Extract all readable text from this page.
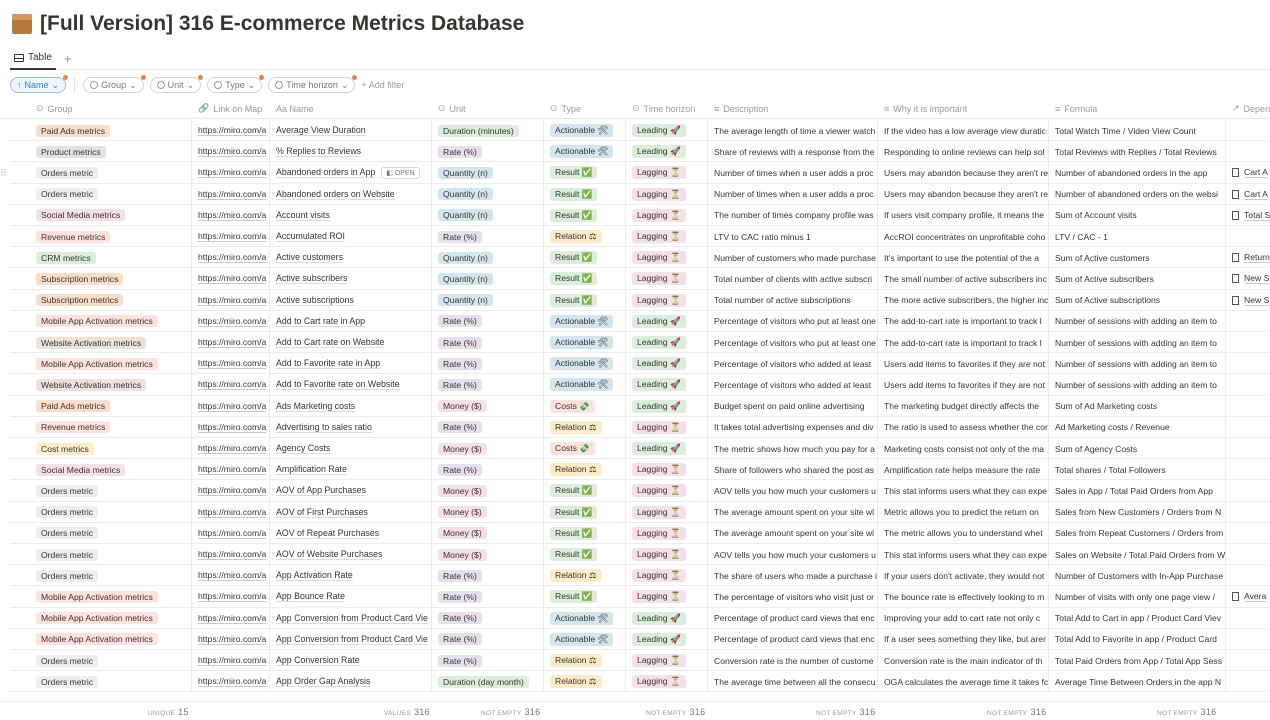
[Full Version] 316 E-commerce Metrics Database
Table +
↑ Name ⌄	Group ⌄	Unit ⌄	Type ⌄	Time horizon ⌄	+ Add filter
⊙ Group	🔗 Link on Map Aa Name	⊙ Unit	⊙ Type	⊙ Time horizon ≡ Description	≡ Why it is important	≡ Formula	↗ Depen
⠿
Paid Ads metrics	https://miro.com/a Average View Duration	Duration (minutes)	Actionable 🛠	Leading 🚀	The average length of time a viewer watch If the video has a low average view duratic Total Watch Time / Video View Count
Product metrics	https://miro.com/a % Replies to Reviews	Rate (%)	Actionable 🛠	Leading 🚀	Share of reviews with a response from the Responding to online reviews can help sol Total Reviews with Replies / Total Reviews
Orders metric	https://miro.com/a Abandoned orders in App	◧ OPEN	Quantity (n)	Result ✅	Lagging ⏳	Number of times when a user adds a proc Users may abandon because they aren't re Number of abandoned orders in the app	Cart A
Orders metric	https://miro.com/a Abandoned orders on Website	Quantity (n)	Result ✅	Lagging ⏳	Number of times when a user adds a proc Users may abandon because they aren't re Number of abandoned orders on the websi	Cart A
Social Media metrics	https://miro.com/a Account visits	Quantity (n)	Result ✅	Lagging ⏳	The number of times company profile was If users visit company profile, it means the Sum of Account visits	Total S
Revenue metrics	https://miro.com/a Accumulated ROI	Rate (%)	Relation ⚖	Lagging ⏳	LTV to CAC ratio minus 1	AccROI concentrates on unprofitable coho LTV / CAC - 1
CRM metrics	https://miro.com/a Active customers	Quantity (n)	Result ✅	Lagging ⏳	Number of customers who made purchase It's important to use the potential of the a Sum of Active customers	Return
Subscription metrics	https://miro.com/a Active subscribers	Quantity (n)	Result ✅	Lagging ⏳	Total number of clients with active subscri The small number of active subscribers inc Sum of Active subscribers	New S
Subscription metrics	https://miro.com/a Active subscriptions	Quantity (n)	Result ✅	Lagging ⏳	Total number of active subscriptions	The more active subscribers, the higher inc Sum of Active subscriptions	New S
Mobile App Activation metrics	https://miro.com/a Add to Cart rate in App	Rate (%)	Actionable 🛠	Leading 🚀	Percentage of visitors who put at least one The add-to-cart rate is important to track l Number of sessions with adding an item to
Website Activation metrics	https://miro.com/a Add to Cart rate on Website	Rate (%)	Actionable 🛠	Leading 🚀	Percentage of visitors who put at least one The add-to-cart rate is important to track l Number of sessions with adding an item to
Mobile App Activation metrics	https://miro.com/a Add to Favorite rate in App	Rate (%)	Actionable 🛠	Leading 🚀	Percentage of visitors who added at least Users add items to favorites if they are not Number of sessions with adding an item to
Website Activation metrics	https://miro.com/a Add to Favorite rate on Website	Rate (%)	Actionable 🛠	Leading 🚀	Percentage of visitors who added at least Users add items to favorites if they are not Number of sessions with adding an item to
Paid Ads metrics	https://miro.com/a Ads Marketing costs	Money ($)	Costs 💸	Leading 🚀	Budget spent on paid online advertising The marketing budget directly affects the Sum of Ad Marketing costs
Revenue metrics	https://miro.com/a Advertising to sales ratio	Rate (%)	Relation ⚖	Lagging ⏳	It takes total advertising expenses and div The ratio is used to assess whether the cor Ad Marketing costs / Revenue
Cost metrics	https://miro.com/a Agency Costs	Money ($)	Costs 💸	Leading 🚀	The metric shows how much you pay for a Marketing costs consist not only of the ma Sum of Agency Costs
Social Media metrics	https://miro.com/a Amplification Rate	Rate (%)	Relation ⚖	Lagging ⏳	Share of followers who shared the post as Amplification rate helps measure the rate Total shares / Total Followers
Orders metric	https://miro.com/a AOV of App Purchases	Money ($)	Result ✅	Lagging ⏳	AOV tells you how much your customers u This stat informs users what they can expe Sales in App / Total Paid Orders from App
Orders metric	https://miro.com/a AOV of First Purchases	Money ($)	Result ✅	Lagging ⏳	The average amount spent on your site wl Metric allows you to predict the return on Sales from New Customers / Orders from N
Orders metric	https://miro.com/a AOV of Repeat Purchases	Money ($)	Result ✅	Lagging ⏳	The average amount spent on your site wl The metric allows you to understand whet Sales from Repeat Customers / Orders from
Orders metric	https://miro.com/a AOV of Website Purchases	Money ($)	Result ✅	Lagging ⏳	AOV tells you how much your customers u This stat informs users what they can expe Sales on Website / Total Paid Orders from W
Orders metric	https://miro.com/a App Activation Rate	Rate (%)	Relation ⚖	Lagging ⏳	The share of users who made a purchase i If your users don't activate, they would not Number of Customers with In-App Purchase
Mobile App Activation metrics	https://miro.com/a App Bounce Rate	Rate (%)	Result ✅	Lagging ⏳	The percentage of visitors who visit just or The bounce rate is effectively looking to m Number of visits with only one page view /	Avera
Mobile App Activation metrics	https://miro.com/a App Conversion from Product Card Vie	Rate (%)	Actionable 🛠	Leading 🚀	Percentage of product card views that enc Improving your add to cart rate not only c Total Add to Cart in app / Product Card Viev
Mobile App Activation metrics	https://miro.com/a App Conversion from Product Card Vie	Rate (%)	Actionable 🛠	Leading 🚀	Percentage of product card views that enc If a user sees something they like, but arer Total Add to Favorite in app / Product Card
Orders metric	https://miro.com/a App Conversion Rate	Rate (%)	Relation ⚖	Lagging ⏳	Conversion rate is the number of custome Conversion rate is the main indicator of th Total Paid Orders from App / Total App Sess
Orders metric	https://miro.com/a App Order Gap Analysis	Duration (day month)	Relation ⚖	Lagging ⏳	The average time between all the consecu OGA calculates the average time it takes fc Average Time Between Orders in the app N
UNIQUE 15	VALUES 316	NOT EMPTY 316	NOT EMPTY 316	NOT EMPTY 316	NOT EMPTY 316	NOT EMPTY 316
